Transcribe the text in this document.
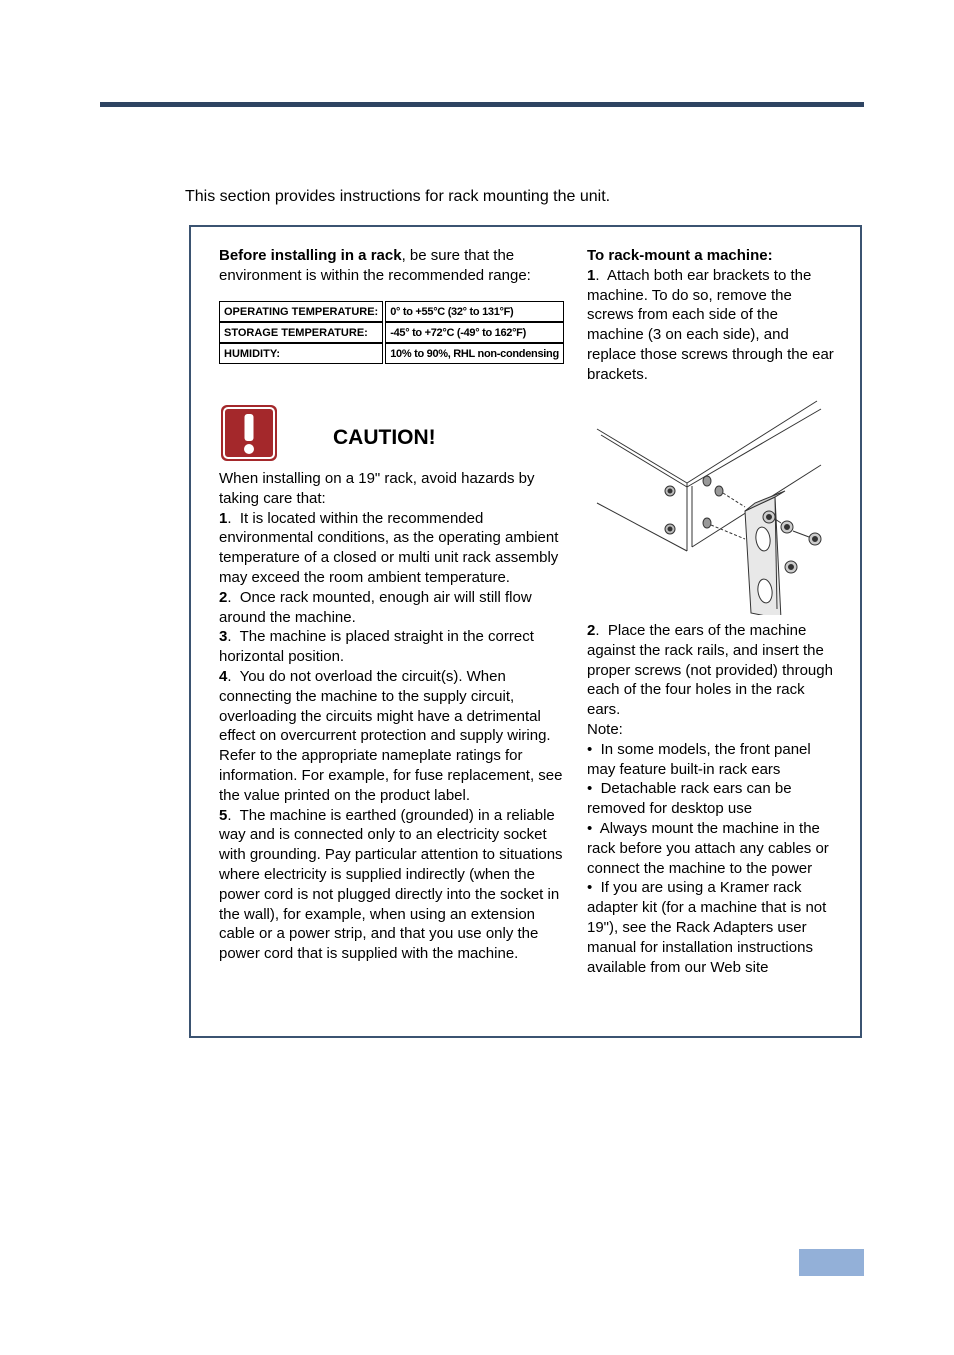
This section provides instructions for rack mounting the unit.

Before installing in a rack, be sure that the environment is within the recommended range:
OPERATING TEMPERATURE:		0° to +55°C (32° to 131°F)
STORAGE TEMPERATURE:		-45° to +72°C (-49° to 162°F)
HUMIDITY:		10% to 90%, RHL non-condensing
CAUTION!

When installing on a 19" rack, avoid hazards by taking care that:

1.  It is located within the recommended environmental conditions, as the operating ambient temperature of a closed or multi unit rack assembly may exceed the room ambient temperature.

2.  Once rack mounted, enough air will still flow around the machine.

3.  The machine is placed straight in the correct horizontal position.

4.  You do not overload the circuit(s). When connecting the machine to the supply circuit, overloading the circuits might have a detrimental effect on overcurrent protection and supply wiring. Refer to the appropriate nameplate ratings for information. For example, for fuse replacement, see the value printed on the product label.

5.  The machine is earthed (grounded) in a reliable way and is connected only to an electricity socket with grounding. Pay particular attention to situations where electricity is supplied indirectly (when the power cord is not plugged directly into the socket in the wall), for example, when using an extension cable or a power strip, and that you use only the power cord that is supplied with the machine.

To rack-mount a machine:

1.  Attach both ear brackets to the machine. To do so, remove the screws from each side of the machine (3 on each side), and replace those screws through the ear brackets.

2.  Place the ears of the machine against the rack rails, and insert the proper screws (not provided) through each of the four holes in the rack ears.

Note:

•  In some models, the front panel may feature built-in rack ears

•  Detachable rack ears can be removed for desktop use

•  Always mount the machine in the rack before you attach any cables or connect the machine to the power

•  If you are using a Kramer rack adapter kit (for a machine that is not 19"), see the Rack Adapters user manual for installation instructions available from our Web site
